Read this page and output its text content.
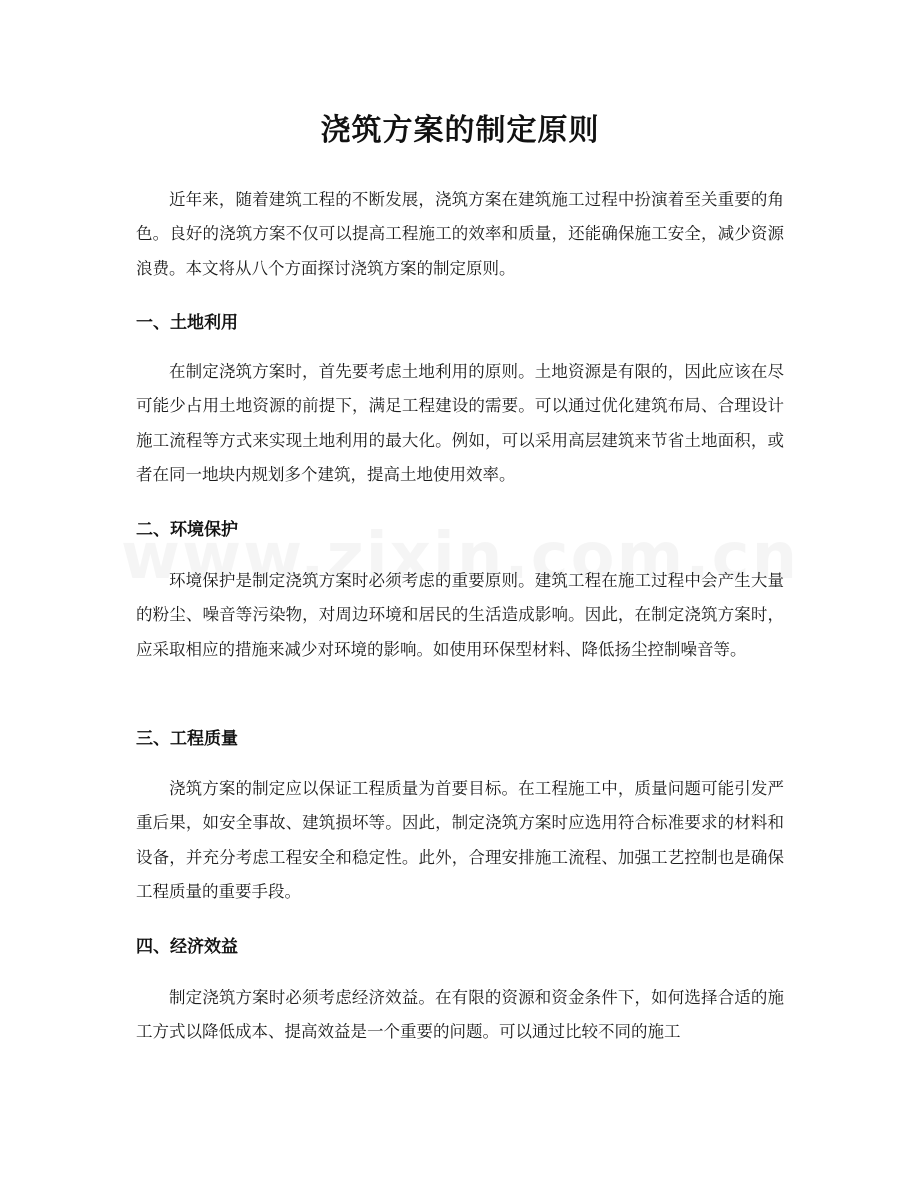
浇筑方案的制定原则

近年来，随着建筑工程的不断发展，浇筑方案在建筑施工过程中扮演着至关重要的角色。良好的浇筑方案不仅可以提高工程施工的效率和质量，还能确保施工安全，减少资源浪费。本文将从八个方面探讨浇筑方案的制定原则。

一、土地利用

在制定浇筑方案时，首先要考虑土地利用的原则。土地资源是有限的，因此应该在尽可能少占用土地资源的前提下，满足工程建设的需要。可以通过优化建筑布局、合理设计施工流程等方式来实现土地利用的最大化。例如，可以采用高层建筑来节省土地面积，或者在同一地块内规划多个建筑，提高土地使用效率。

二、环境保护

环境保护是制定浇筑方案时必须考虑的重要原则。建筑工程在施工过程中会产生大量的粉尘、噪音等污染物，对周边环境和居民的生活造成影响。因此，在制定浇筑方案时，应采取相应的措施来减少对环境的影响。如使用环保型材料、降低扬尘控制噪音等。

三、工程质量

浇筑方案的制定应以保证工程质量为首要目标。在工程施工中，质量问题可能引发严重后果，如安全事故、建筑损坏等。因此，制定浇筑方案时应选用符合标准要求的材料和设备，并充分考虑工程安全和稳定性。此外，合理安排施工流程、加强工艺控制也是确保工程质量的重要手段。

四、经济效益

制定浇筑方案时必须考虑经济效益。在有限的资源和资金条件下，如何选择合适的施工方式以降低成本、提高效益是一个重要的问题。可以通过比较不同的施工
